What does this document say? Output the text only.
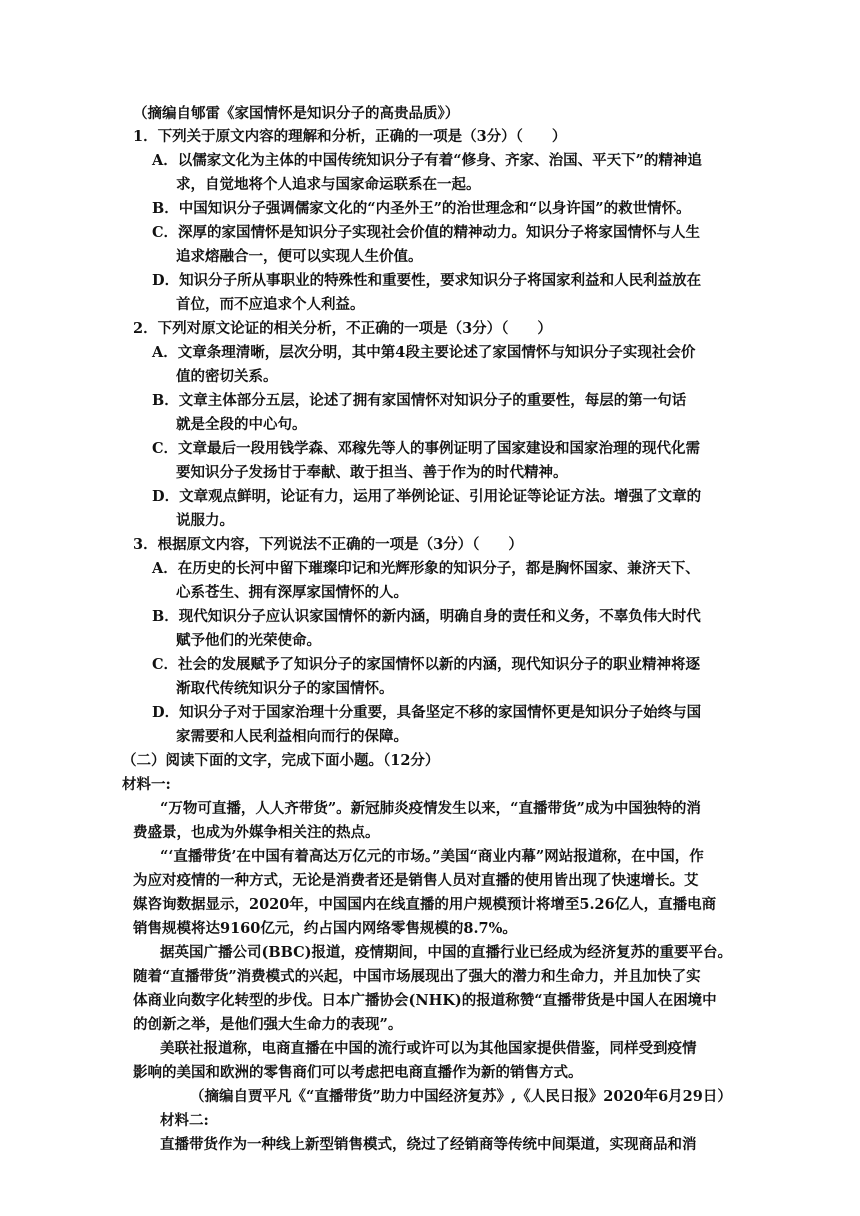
（摘编自郇雷《家国情怀是知识分子的高贵品质》）
1．下列关于原文内容的理解和分析，正确的一项是（3分）（　　）
A．以儒家文化为主体的中国传统知识分子有着“修身、齐家、治国、平天下”的精神追
求，自觉地将个人追求与国家命运联系在一起。
B．中国知识分子强调儒家文化的“内圣外王”的治世理念和“以身许国”的救世情怀。
C．深厚的家国情怀是知识分子实现社会价值的精神动力。知识分子将家国情怀与人生
追求熔融合一，便可以实现人生价值。
D．知识分子所从事职业的特殊性和重要性，要求知识分子将国家利益和人民利益放在
首位，而不应追求个人利益。
2．下列对原文论证的相关分析，不正确的一项是（3分）（　　）
A．文章条理清晰，层次分明，其中第4段主要论述了家国情怀与知识分子实现社会价
值的密切关系。
B．文章主体部分五层，论述了拥有家国情怀对知识分子的重要性，每层的第一句话
就是全段的中心句。
C．文章最后一段用钱学森、邓稼先等人的事例证明了国家建设和国家治理的现代化需
要知识分子发扬甘于奉献、敢于担当、善于作为的时代精神。
D．文章观点鲜明，论证有力，运用了举例论证、引用论证等论证方法。增强了文章的
说服力。
3．根据原文内容，下列说法不正确的一项是（3分）（　　）
A．在历史的长河中留下璀璨印记和光辉形象的知识分子，都是胸怀国家、兼济天下、
心系苍生、拥有深厚家国情怀的人。
B．现代知识分子应认识家国情怀的新内涵，明确自身的责任和义务，不辜负伟大时代
赋予他们的光荣使命。
C．社会的发展赋予了知识分子的家国情怀以新的内涵，现代知识分子的职业精神将逐
渐取代传统知识分子的家国情怀。
D．知识分子对于国家治理十分重要，具备坚定不移的家国情怀更是知识分子始终与国
家需要和人民利益相向而行的保障。
（二）阅读下面的文字，完成下面小题。（12分）
材料一:
“万物可直播，人人齐带货”。新冠肺炎疫情发生以来，“直播带货”成为中国独特的消
费盛景，也成为外媒争相关注的热点。
“‘直播带货’在中国有着高达万亿元的市场。”美国“商业内幕”网站报道称，在中国，作
为应对疫情的一种方式，无论是消费者还是销售人员对直播的使用皆出现了快速增长。艾
媒咨询数据显示，2020年，中国国内在线直播的用户规模预计将增至5.26亿人，直播电商
销售规模将达9160亿元，约占国内网络零售规模的8.7%。
据英国广播公司(BBC)报道，疫情期间，中国的直播行业已经成为经济复苏的重要平台。
随着“直播带货”消费模式的兴起，中国市场展现出了强大的潜力和生命力，并且加快了实
体商业向数字化转型的步伐。日本广播协会(NHK)的报道称赞“直播带货是中国人在困境中
的创新之举，是他们强大生命力的表现”。
美联社报道称，电商直播在中国的流行或许可以为其他国家提供借鉴，同样受到疫情
影响的美国和欧洲的零售商们可以考虑把电商直播作为新的销售方式。
（摘编自贾平凡《“直播带货”助力中国经济复苏》,《人民日报》2020年6月29日）
材料二:
直播带货作为一种线上新型销售模式，绕过了经销商等传统中间渠道，实现商品和消
